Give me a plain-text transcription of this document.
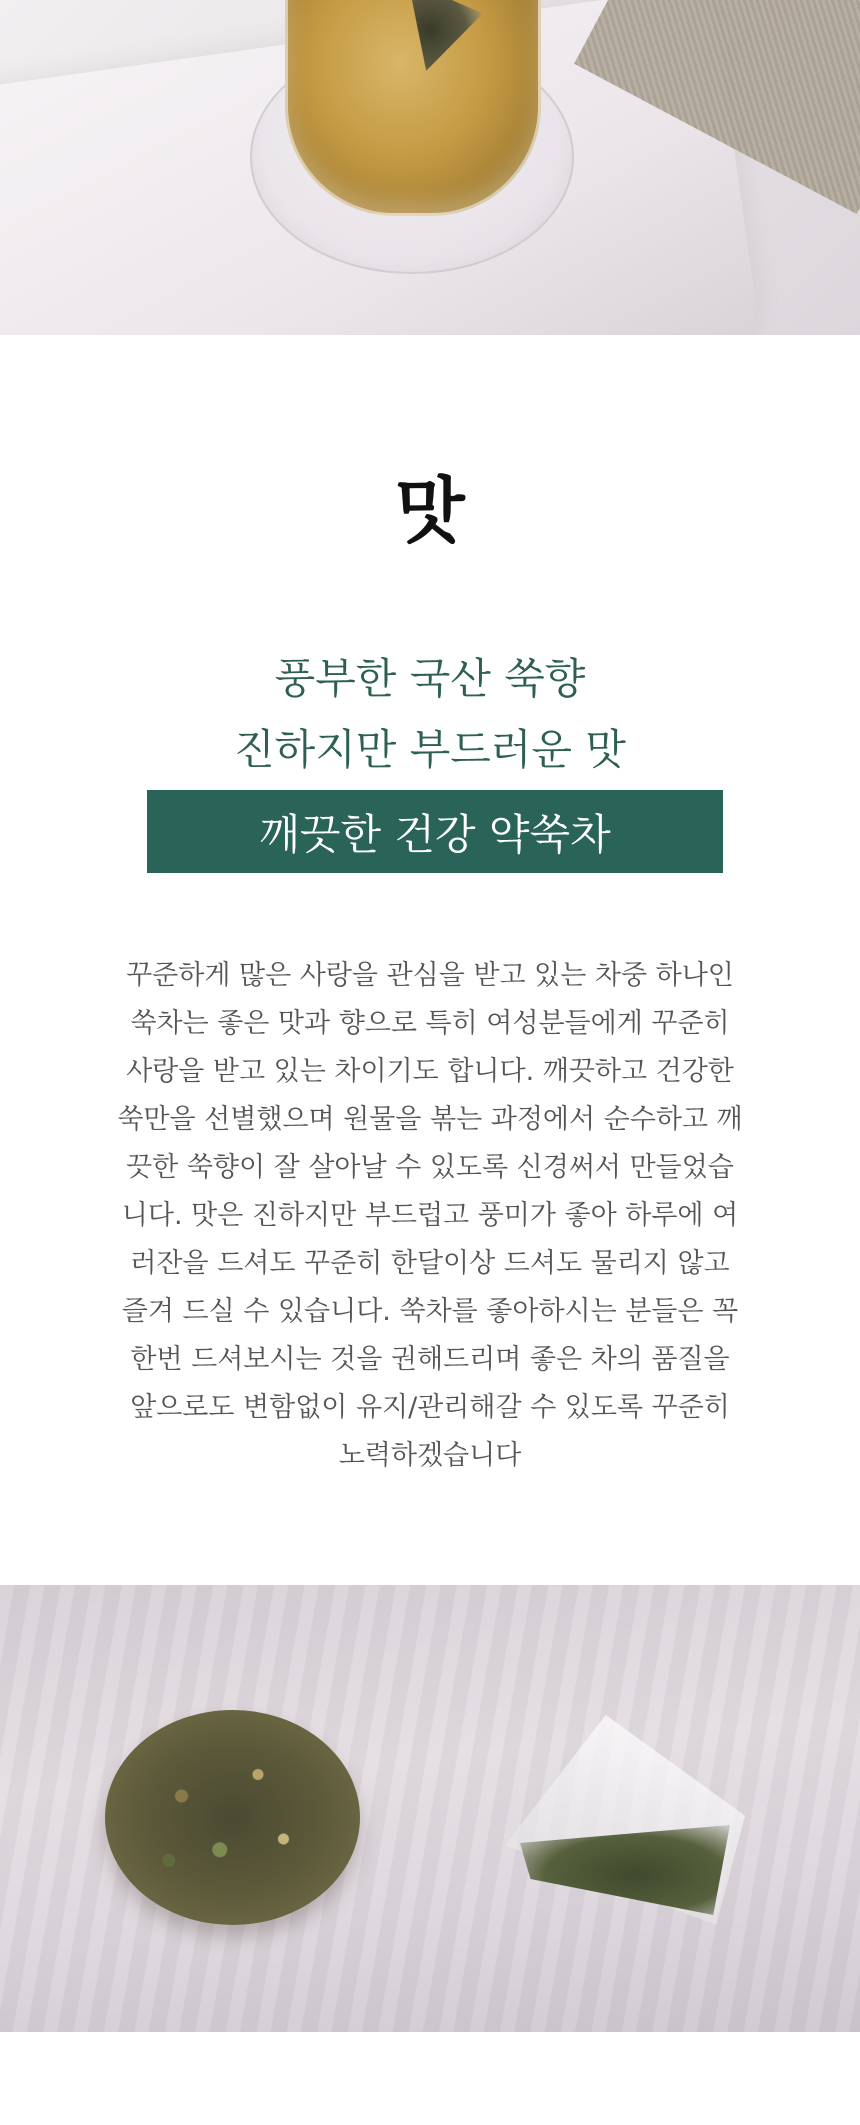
맛
풍부한 국산 쑥향
진하지만 부드러운 맛
깨끗한 건강 약쑥차
꾸준하게 많은 사랑을 관심을 받고 있는 차중 하나인
쑥차는 좋은 맛과 향으로 특히 여성분들에게 꾸준히
사랑을 받고 있는 차이기도 합니다. 깨끗하고 건강한
쑥만을 선별했으며 원물을 볶는 과정에서 순수하고 깨
끗한 쑥향이 잘 살아날 수 있도록 신경써서 만들었습
니다. 맛은 진하지만 부드럽고 풍미가 좋아 하루에 여
러잔을 드셔도 꾸준히 한달이상 드셔도 물리지 않고
즐겨 드실 수 있습니다. 쑥차를 좋아하시는 분들은 꼭
한번 드셔보시는 것을 권해드리며 좋은 차의 품질을
앞으로도 변함없이 유지/관리해갈 수 있도록 꾸준히
노력하겠습니다
